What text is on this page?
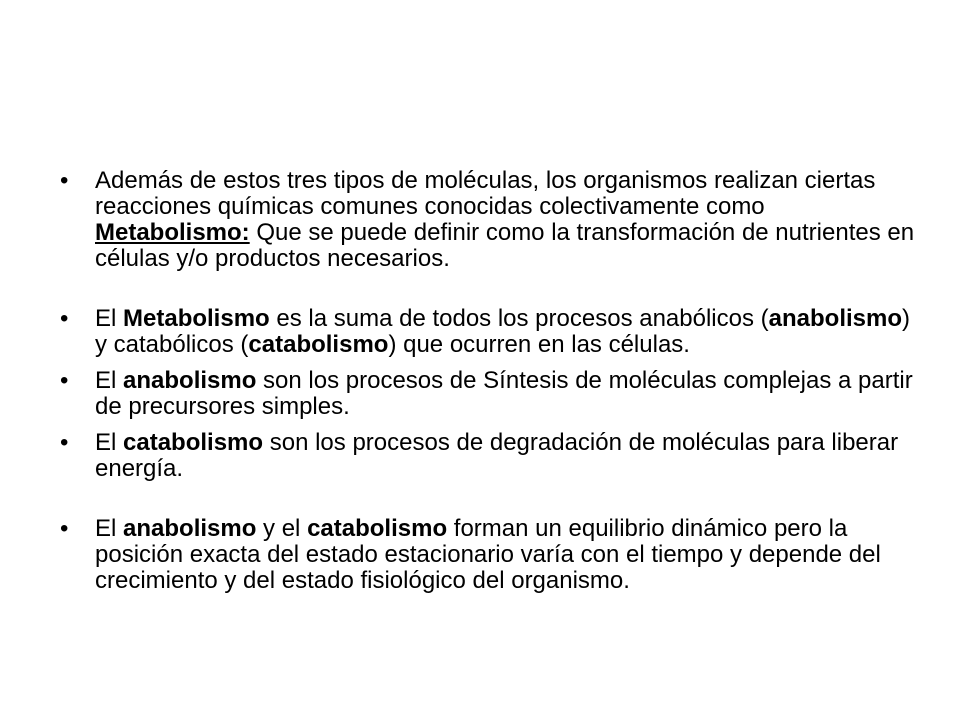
•	Además de estos tres tipos de moléculas, los organismos realizan ciertas reacciones químicas comunes conocidas colectivamente como Metabolismo: Que se puede definir como la transformación de nutrientes en células y/o productos necesarios.
•	El Metabolismo es la suma de todos los procesos anabólicos (anabolismo) y catabólicos (catabolismo) que ocurren en las células.
•	El anabolismo son los procesos de Síntesis de moléculas complejas a partir de precursores simples.
•	El catabolismo son los procesos de degradación de moléculas para liberar energía.
•	El anabolismo y el catabolismo forman un equilibrio dinámico pero la posición exacta del estado estacionario varía con el tiempo y depende del crecimiento y del estado fisiológico del organismo.
